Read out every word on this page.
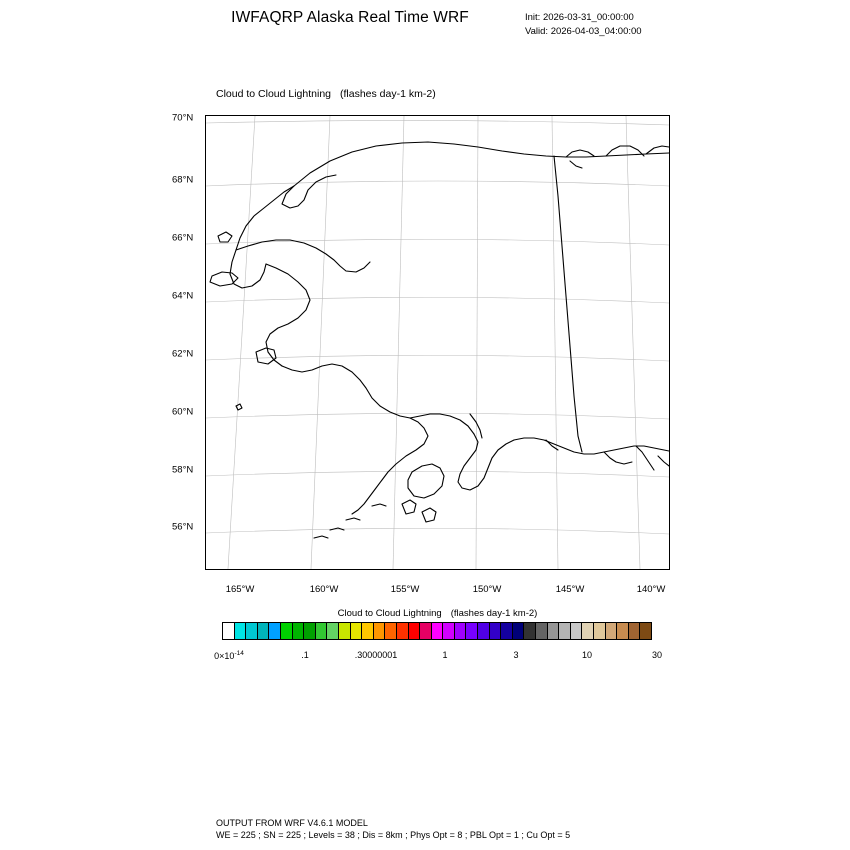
IWFAQRP Alaska Real Time WRF	Init: 2026-03-31_00:00:00
Valid: 2026-04-03_04:00:00
Cloud to Cloud Lightning (flashes day-1 km-2)
70°N
68°N
66°N
64°N
62°N
60°N
58°N
56°N
165°W	160°W	155°W	150°W	145°W	140°W
Cloud to Cloud Lightning (flashes day-1 km-2)
$0\times 10^{-14}$	.1	.30000001	1	3	10	30
OUTPUT FROM WRF V4.6.1 MODEL
WE = 225 ; SN = 225 ; Levels = 38 ; Dis = 8km ; Phys Opt = 8 ; PBL Opt = 1 ; Cu Opt = 5
